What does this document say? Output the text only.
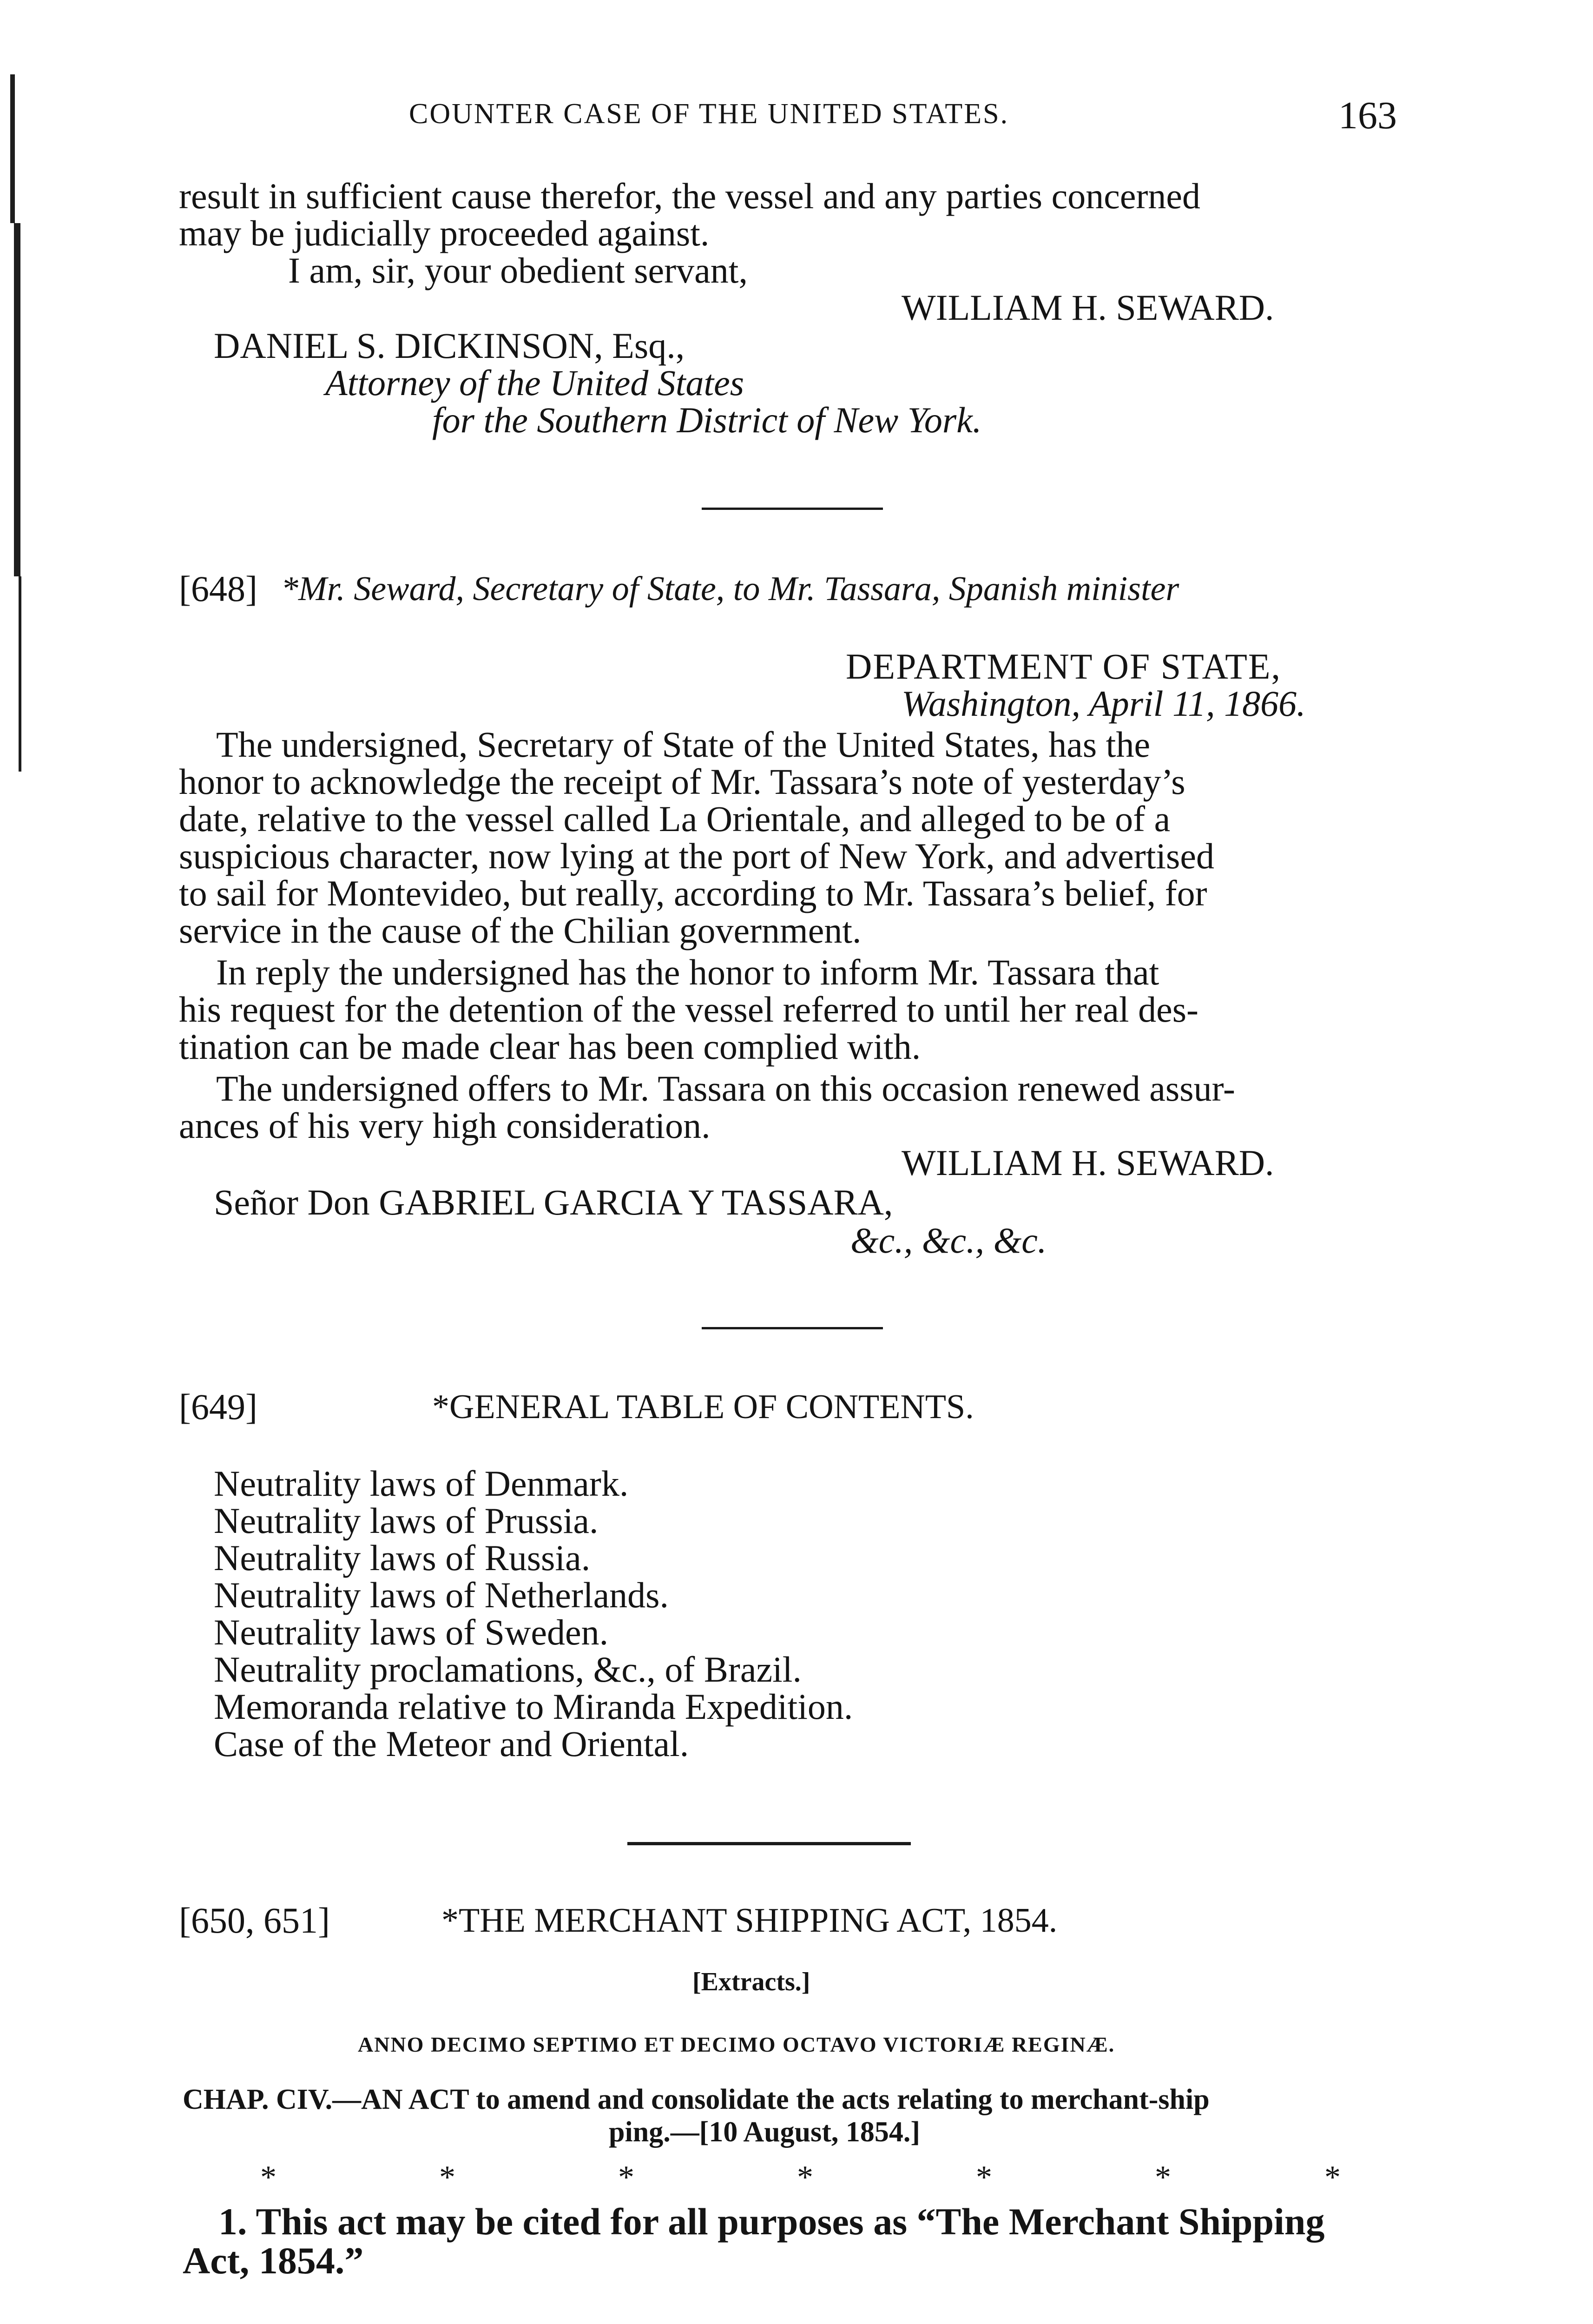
COUNTER CASE OF THE UNITED STATES.	163
result in sufficient cause therefor, the vessel and any parties concerned
may be judicially proceeded against.
I am, sir, your obedient servant,
WILLIAM H. SEWARD.
DANIEL S. DICKINSON, Esq.,
Attorney of the United States
for the Southern District of New York.
[648] *Mr. Seward, Secretary of State, to Mr. Tassara, Spanish minister
DEPARTMENT OF STATE,
Washington, April 11, 1866.
The undersigned, Secretary of State of the United States, has the
honor to acknowledge the receipt of Mr. Tassara’s note of yesterday’s
date, relative to the vessel called La Orientale, and alleged to be of a
suspicious character, now lying at the port of New York, and advertised
to sail for Montevideo, but really, according to Mr. Tassara’s belief, for
service in the cause of the Chilian government.
In reply the undersigned has the honor to inform Mr. Tassara that
his request for the detention of the vessel referred to until her real des-
tination can be made clear has been complied with.
The undersigned offers to Mr. Tassara on this occasion renewed assur-
ances of his very high consideration.
WILLIAM H. SEWARD.
Señor Don GABRIEL GARCIA Y TASSARA,
&c., &c., &c.
[649]	*GENERAL TABLE OF CONTENTS.
Neutrality laws of Denmark.
Neutrality laws of Prussia.
Neutrality laws of Russia.
Neutrality laws of Netherlands.
Neutrality laws of Sweden.
Neutrality proclamations, &c., of Brazil.
Memoranda relative to Miranda Expedition.
Case of the Meteor and Oriental.
[650, 651]	*THE MERCHANT SHIPPING ACT, 1854.
[Extracts.]
ANNO DECIMO SEPTIMO ET DECIMO OCTAVO VICTORIÆ REGINÆ.
CHAP. CIV.—AN ACT to amend and consolidate the acts relating to merchant-ship
ping.—[10 August, 1854.]
*	*	*	*	*	*	*
1. This act may be cited for all purposes as “The Merchant Shipping
Act, 1854.”
